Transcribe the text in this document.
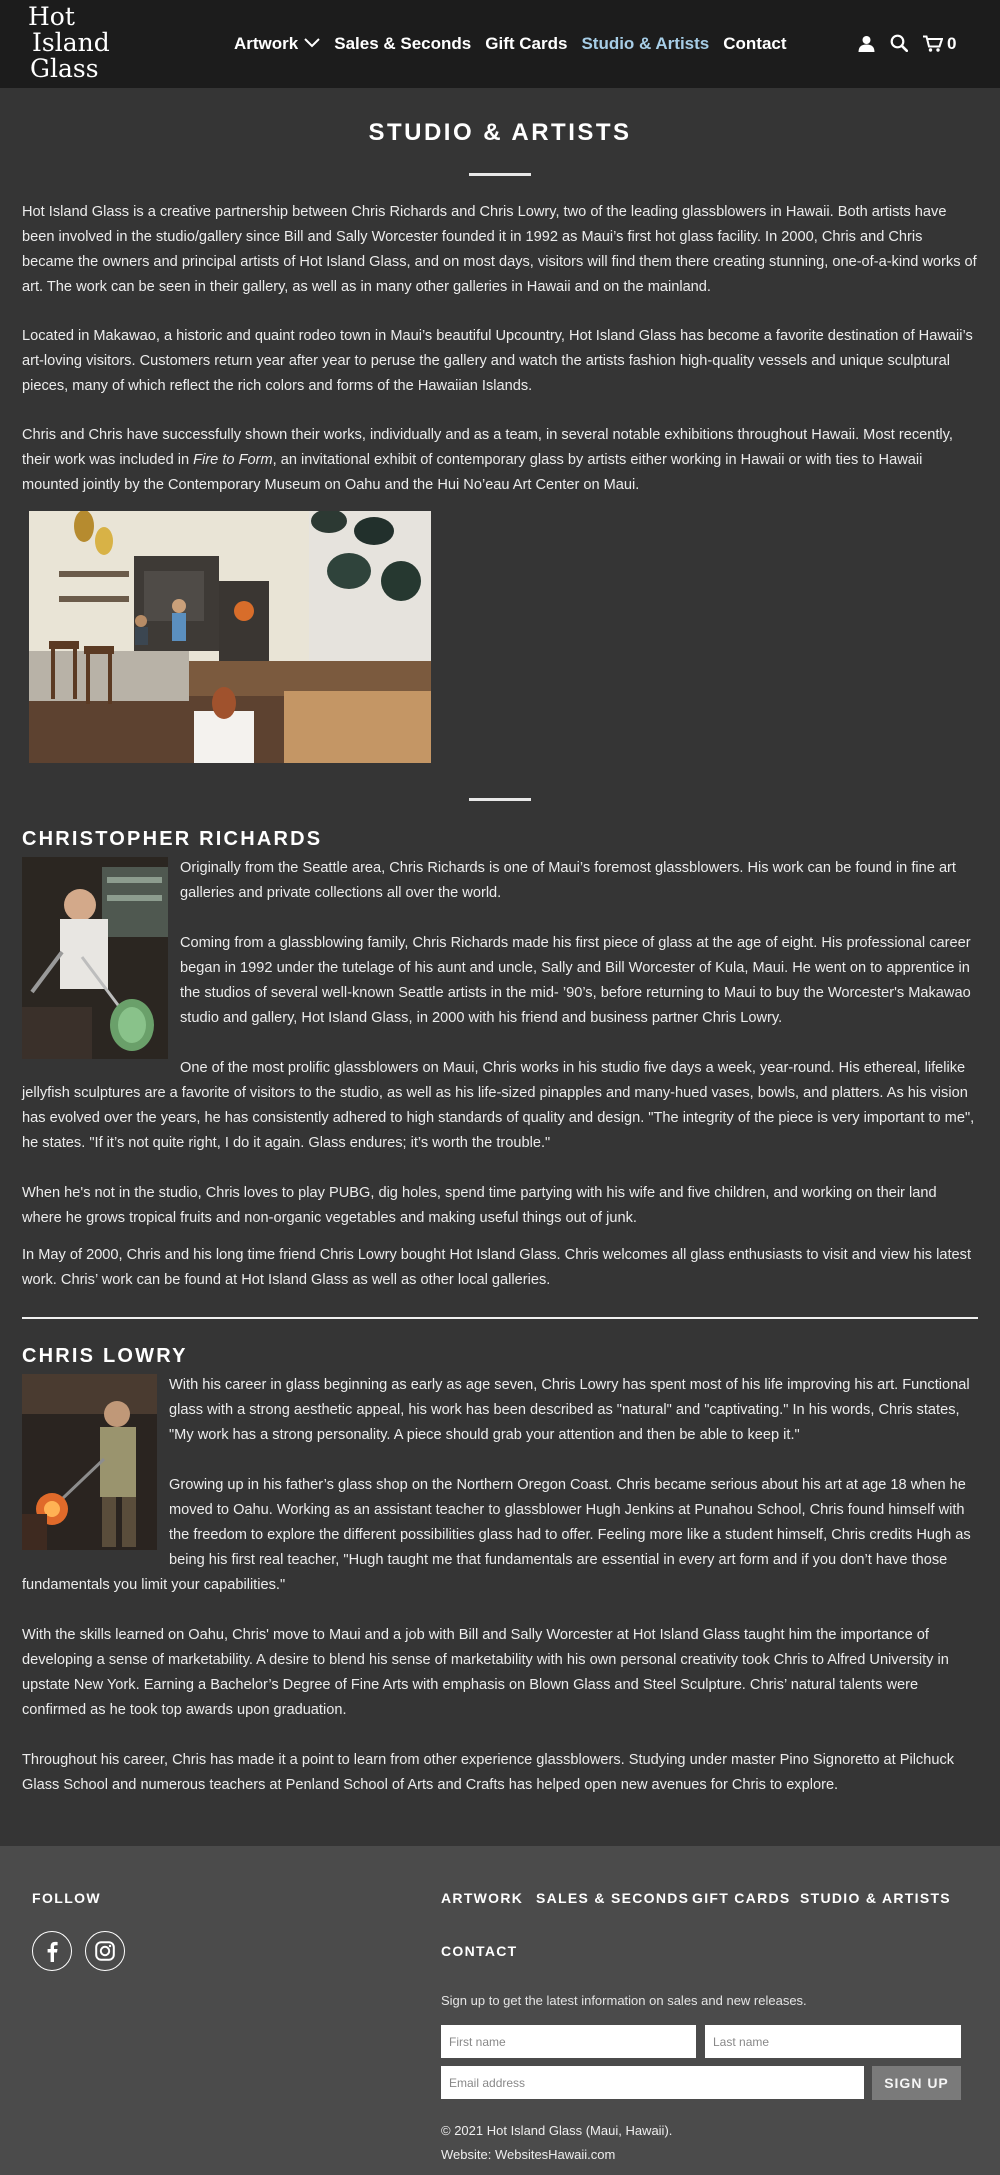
Hot
Island
Glass
Artwork Sales & Seconds Gift Cards Studio & Artists Contact	0
STUDIO & ARTISTS

Hot Island Glass is a creative partnership between Chris Richards and Chris Lowry, two of the leading glassblowers in Hawaii. Both artists have been involved in the studio/gallery since Bill and Sally Worcester founded it in 1992 as Maui’s first hot glass facility. In 2000, Chris and Chris became the owners and principal artists of Hot Island Glass, and on most days, visitors will find them there creating stunning, one-of-a-kind works of art. The work can be seen in their gallery, as well as in many other galleries in Hawaii and on the mainland.

Located in Makawao, a historic and quaint rodeo town in Maui’s beautiful Upcountry, Hot Island Glass has become a favorite destination of Hawaii’s art-loving visitors. Customers return year after year to peruse the gallery and watch the artists fashion high-quality vessels and unique sculptural pieces, many of which reflect the rich colors and forms of the Hawaiian Islands.

Chris and Chris have successfully shown their works, individually and as a team, in several notable exhibitions throughout Hawaii. Most recently, their work was included in Fire to Form, an invitational exhibit of contemporary glass by artists either working in Hawaii or with ties to Hawaii mounted jointly by the Contemporary Museum on Oahu and the Hui No’eau Art Center on Maui.

CHRISTOPHER RICHARDS

Originally from the Seattle area, Chris Richards is one of Maui’s foremost glassblowers. His work can be found in fine art galleries and private collections all over the world.

Coming from a glassblowing family, Chris Richards made his first piece of glass at the age of eight. His professional career began in 1992 under the tutelage of his aunt and uncle, Sally and Bill Worcester of Kula, Maui. He went on to apprentice in the studios of several well-known Seattle artists in the mid- ’90’s, before returning to Maui to buy the Worcester's Makawao studio and gallery, Hot Island Glass, in 2000 with his friend and business partner Chris Lowry.

One of the most prolific glassblowers on Maui, Chris works in his studio five days a week, year-round. His ethereal, lifelike jellyfish sculptures are a favorite of visitors to the studio, as well as his life-sized pinapples and many-hued vases, bowls, and platters. As his vision has evolved over the years, he has consistently adhered to high standards of quality and design. "The integrity of the piece is very important to me", he states. "If it’s not quite right, I do it again. Glass endures; it’s worth the trouble."

When he's not in the studio, Chris loves to play PUBG, dig holes, spend time partying with his wife and five children, and working on their land where he grows tropical fruits and non-organic vegetables and making useful things out of junk.

In May of 2000, Chris and his long time friend Chris Lowry bought Hot Island Glass. Chris welcomes all glass enthusiasts to visit and view his latest work. Chris’ work can be found at Hot Island Glass as well as other local galleries.

CHRIS LOWRY

With his career in glass beginning as early as age seven, Chris Lowry has spent most of his life improving his art. Functional glass with a strong aesthetic appeal, his work has been described as "natural" and "captivating." In his words, Chris states, "My work has a strong personality. A piece should grab your attention and then be able to keep it."

Growing up in his father’s glass shop on the Northern Oregon Coast. Chris became serious about his art at age 18 when he moved to Oahu. Working as an assistant teacher to glassblower Hugh Jenkins at Punahou School, Chris found himself with the freedom to explore the different possibilities glass had to offer. Feeling more like a student himself, Chris credits Hugh as being his first real teacher, "Hugh taught me that fundamentals are essential in every art form and if you don’t have those fundamentals you limit your capabilities."

With the skills learned on Oahu, Chris' move to Maui and a job with Bill and Sally Worcester at Hot Island Glass taught him the importance of developing a sense of marketability. A desire to blend his sense of marketability with his own personal creativity took Chris to Alfred University in upstate New York. Earning a Bachelor’s Degree of Fine Arts with emphasis on Blown Glass and Steel Sculpture. Chris’ natural talents were confirmed as he took top awards upon graduation.

Throughout his career, Chris has made it a point to learn from other experience glassblowers. Studying under master Pino Signoretto at Pilchuck Glass School and numerous teachers at Penland School of Arts and Crafts has helped open new avenues for Chris to explore.

FOLLOW	ARTWORK SALES & SECONDS GIFT CARDS STUDIO & ARTISTS
CONTACT
Sign up to get the latest information on sales and new releases.
First name
Last name
Email address
SIGN UP
© 2021 Hot Island Glass (Maui, Hawaii).
Website: WebsitesHawaii.com
